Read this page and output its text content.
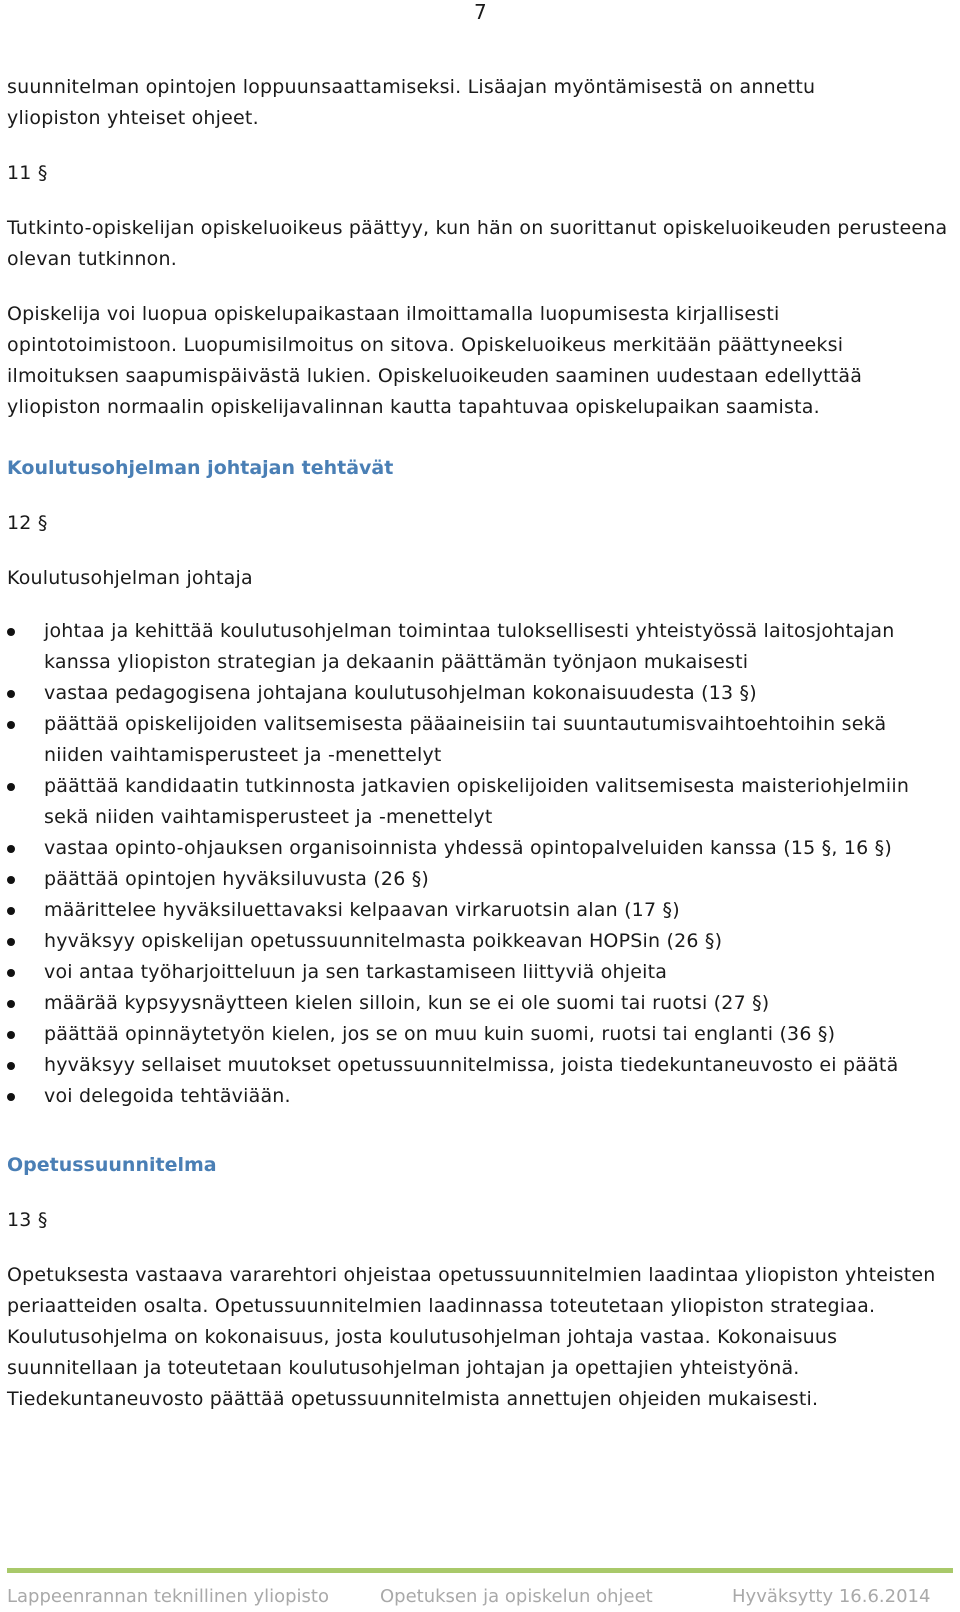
7

suunnitelman opintojen loppuunsaattamiseksi. Lisäajan myöntämisestä on annettu

yliopiston yhteiset ohjeet.

11 §

Tutkinto-opiskelijan opiskeluoikeus päättyy, kun hän on suorittanut opiskeluoikeuden perusteena olevan tutkinnon.

Opiskelija voi luopua opiskelupaikastaan ilmoittamalla luopumisesta kirjallisesti opintotoimistoon. Luopumisilmoitus on sitova. Opiskeluoikeus merkitään päättyneeksi ilmoituksen saapumispäivästä lukien. Opiskeluoikeuden saaminen uudestaan edellyttää yliopiston normaalin opiskelijavalinnan kautta tapahtuvaa opiskelupaikan saamista.

Koulutusohjelman johtajan tehtävät

12 §

Koulutusohjelman johtaja

johtaa ja kehittää koulutusohjelman toimintaa tuloksellisesti yhteistyössä laitosjohtajan kanssa yliopiston strategian ja dekaanin päättämän työnjaon mukaisesti
vastaa pedagogisena johtajana koulutusohjelman kokonaisuudesta (13 §)
päättää opiskelijoiden valitsemisesta pääaineisiin tai suuntautumisvaihtoehtoihin sekä niiden vaihtamisperusteet ja -menettelyt
päättää kandidaatin tutkinnosta jatkavien opiskelijoiden valitsemisesta maisteriohjelmiin sekä niiden vaihtamisperusteet ja -menettelyt
vastaa opinto-ohjauksen organisoinnista yhdessä opintopalveluiden kanssa (15 §, 16 §)
päättää opintojen hyväksiluvusta (26 §)
määrittelee hyväksiluettavaksi kelpaavan virkaruotsin alan (17 §)
hyväksyy opiskelijan opetussuunnitelmasta poikkeavan HOPSin (26 §)
voi antaa työharjoitteluun ja sen tarkastamiseen liittyviä ohjeita
määrää kypsyysnäytteen kielen silloin, kun se ei ole suomi tai ruotsi (27 §)
päättää opinnäytetyön kielen, jos se on muu kuin suomi, ruotsi tai englanti (36 §)
hyväksyy sellaiset muutokset opetussuunnitelmissa, joista tiedekuntaneuvosto ei päätä
voi delegoida tehtäviään.
Opetussuunnitelma

13 §

Opetuksesta vastaava vararehtori ohjeistaa opetussuunnitelmien laadintaa yliopiston yhteisten periaatteiden osalta. Opetussuunnitelmien laadinnassa toteutetaan yliopiston strategiaa. Koulutusohjelma on kokonaisuus, josta koulutusohjelman johtaja vastaa. Kokonaisuus suunnitellaan ja toteutetaan koulutusohjelman johtajan ja opettajien yhteistyönä. Tiedekuntaneuvosto päättää opetussuunnitelmista annettujen ohjeiden mukaisesti.

Lappeenrannan teknillinen yliopisto	Opetuksen ja opiskelun ohjeet	Hyväksytty 16.6.2014
